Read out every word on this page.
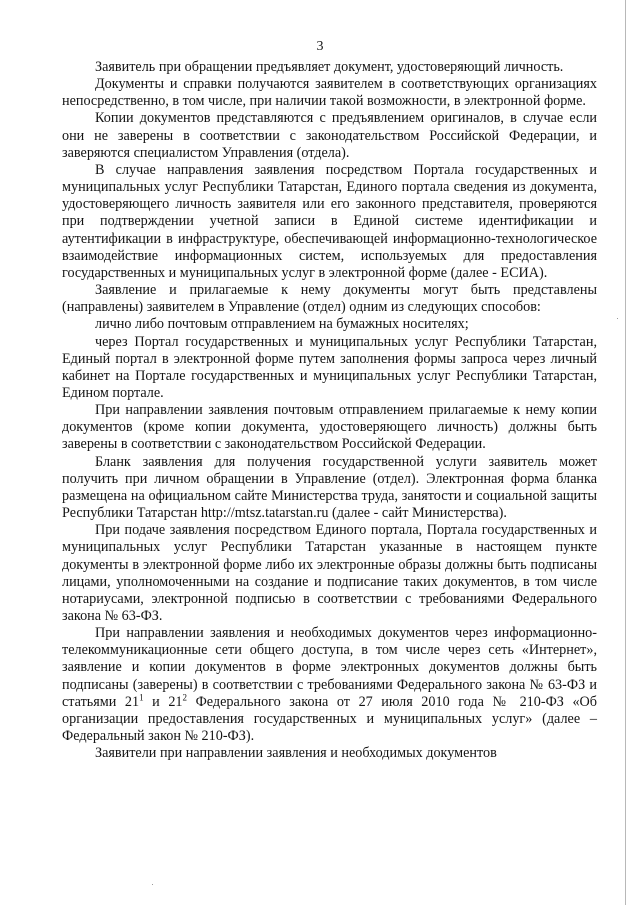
3

Заявитель при обращении предъявляет документ, удостоверяющий личность.

Документы и справки получаются заявителем в соответствующих организациях непосредственно, в том числе, при наличии такой возможности, в электронной форме.

Копии документов представляются с предъявлением оригиналов, в случае если они не заверены в соответствии с законодательством Российской Федерации, и заверяются специалистом Управления (отдела).

В случае направления заявления посредством Портала государственных и муниципальных услуг Республики Татарстан, Единого портала сведения из документа, удостоверяющего личность заявителя или его законного представителя, проверяются при подтверждении учетной записи в Единой системе идентификации и аутентификации в инфраструктуре, обеспечивающей информационно-технологическое взаимодействие информационных систем, используемых для предоставления государственных и муниципальных услуг в электронной форме (далее - ЕСИА).

Заявление и прилагаемые к нему документы могут быть представлены (направлены) заявителем в Управление (отдел) одним из следующих способов:

лично либо почтовым отправлением на бумажных носителях;

через Портал государственных и муниципальных услуг Республики Татарстан, Единый портал в электронной форме путем заполнения формы запроса через личный кабинет на Портале государственных и муниципальных услуг Республики Татарстан, Едином портале.

При направлении заявления почтовым отправлением прилагаемые к нему копии документов (кроме копии документа, удостоверяющего личность) должны быть заверены в соответствии с законодательством Российской Федерации.

Бланк заявления для получения государственной услуги заявитель может получить при личном обращении в Управление (отдел). Электронная форма бланка размещена на официальном сайте Министерства труда, занятости и социальной защиты Республики Татарстан http://mtsz.tatarstan.ru (далее - сайт Министерства).

При подаче заявления посредством Единого портала, Портала государственных и муниципальных услуг Республики Татарстан указанные в настоящем пункте документы в электронной форме либо их электронные образы должны быть подписаны лицами, уполномоченными на создание и подписание таких документов, в том числе нотариусами, электронной подписью в соответствии с требованиями Федерального закона № 63-ФЗ.

При направлении заявления и необходимых документов через информационно-телекоммуникационные сети общего доступа, в том числе через сеть «Интернет», заявление и копии документов в форме электронных документов должны быть подписаны (заверены) в соответствии с требованиями Федерального закона № 63-ФЗ и статьями $21^1$ и $21^2$ Федерального закона от 27 июля 2010 года № 210-ФЗ «Об организации предоставления государственных и муниципальных услуг» (далее – Федеральный закон № 210-ФЗ).

Заявители при направлении заявления и необходимых документов
